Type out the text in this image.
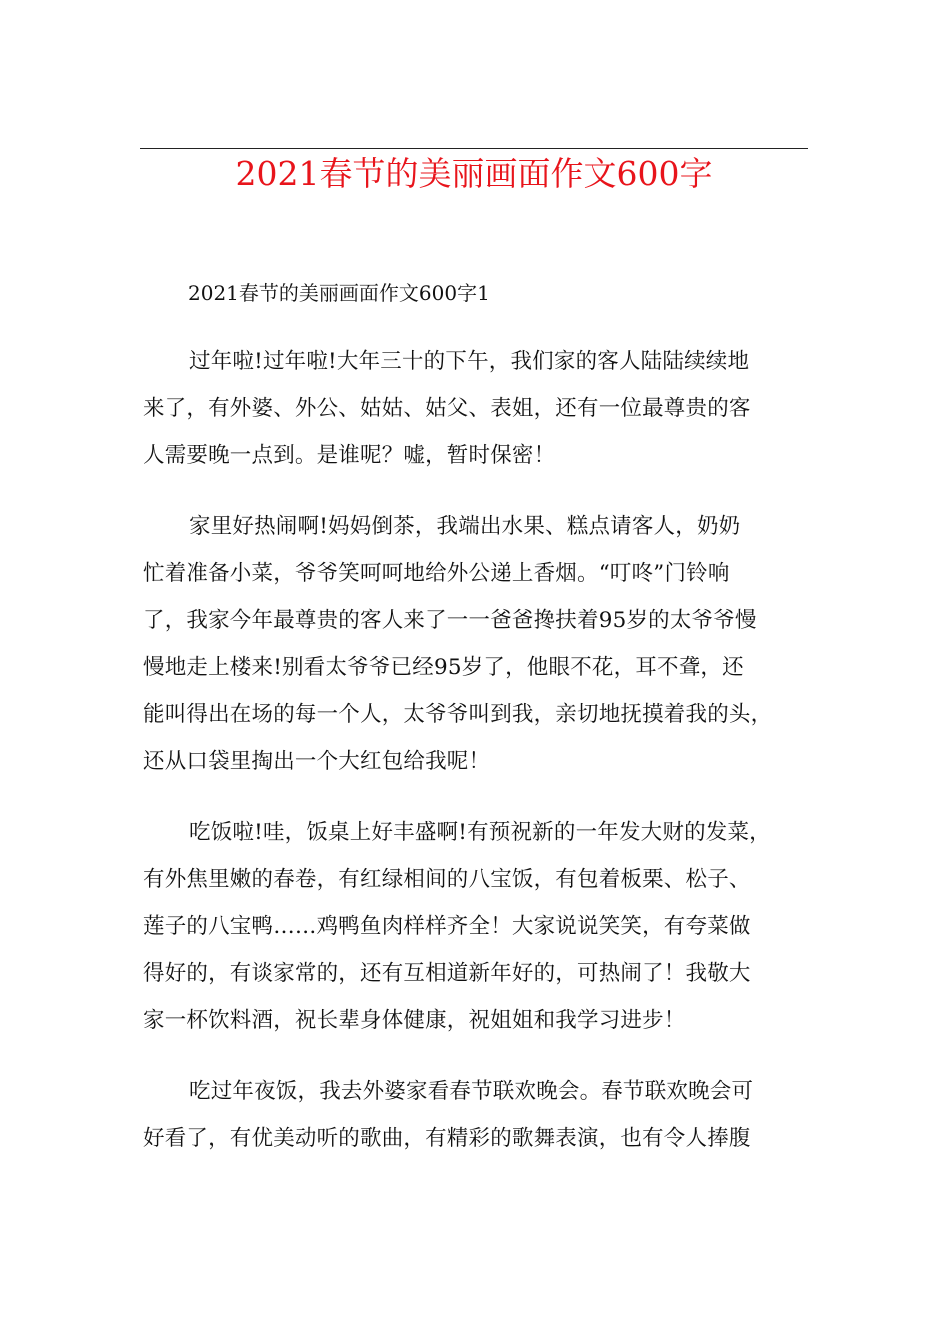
2021春节的美丽画面作文600字
2021春节的美丽画面作文600字1
过年啦!过年啦!大年三十的下午，我们家的客人陆陆续续地
来了，有外婆、外公、姑姑、姑父、表姐，还有一位最尊贵的客
人需要晚一点到。是谁呢？嘘，暂时保密！
家里好热闹啊!妈妈倒茶，我端出水果、糕点请客人，奶奶
忙着准备小菜，爷爷笑呵呵地给外公递上香烟。“叮咚”门铃响
了，我家今年最尊贵的客人来了一一爸爸搀扶着95岁的太爷爷慢
慢地走上楼来!别看太爷爷已经95岁了，他眼不花，耳不聋，还
能叫得出在场的每一个人，太爷爷叫到我，亲切地抚摸着我的头，
还从口袋里掏出一个大红包给我呢！
吃饭啦!哇，饭桌上好丰盛啊!有预祝新的一年发大财的发菜，
有外焦里嫩的春卷，有红绿相间的八宝饭，有包着板栗、松子、
莲子的八宝鸭……鸡鸭鱼肉样样齐全！大家说说笑笑，有夸菜做
得好的，有谈家常的，还有互相道新年好的，可热闹了！我敬大
家一杯饮料酒，祝长辈身体健康，祝姐姐和我学习进步！
吃过年夜饭，我去外婆家看春节联欢晚会。春节联欢晚会可
好看了，有优美动听的歌曲，有精彩的歌舞表演，也有令人捧腹
